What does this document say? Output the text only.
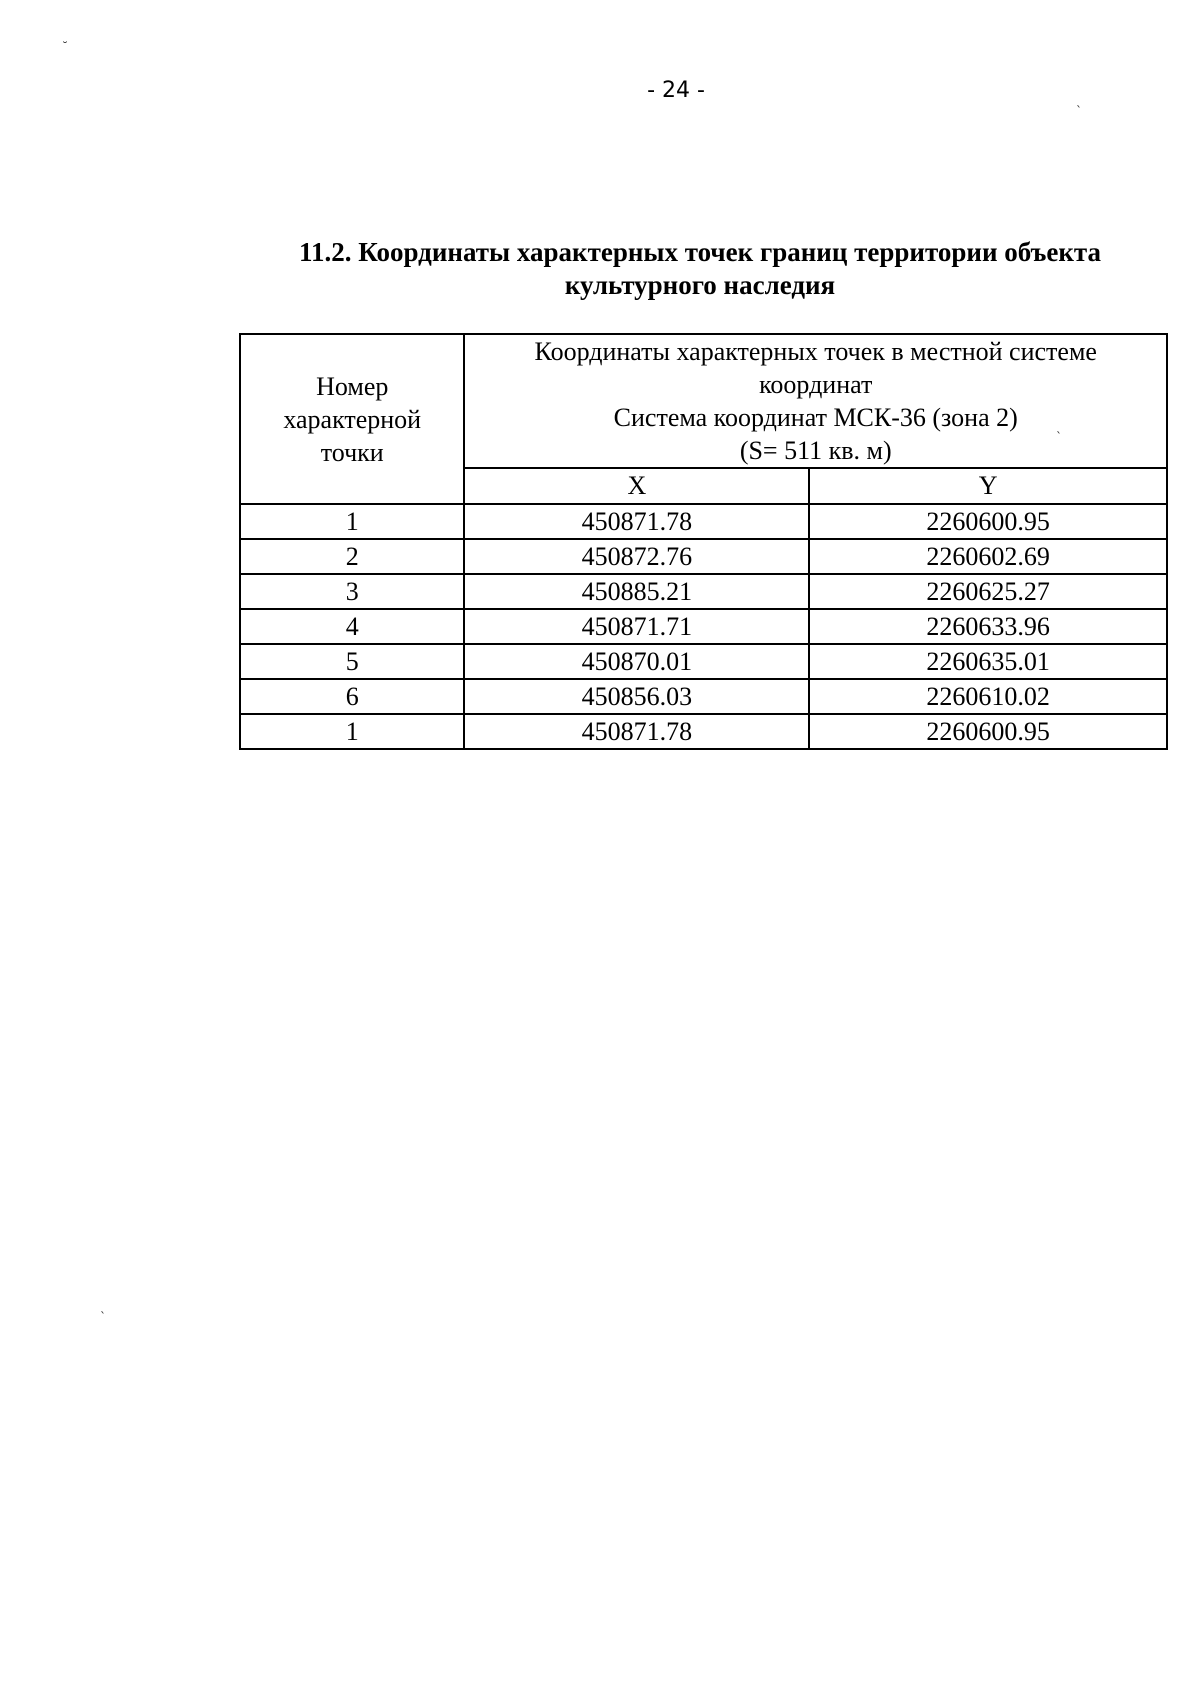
- 24 -
11.2. Координаты характерных точек границ территории объекта
культурного наследия
Номер
характерной
точки	Координаты характерных точек в местной системе
координат
Система координат МСК-36 (зона 2)
(S= 511 кв. м)	

	X	Y
1	450871.78	2260600.95
2	450872.76	2260602.69
3	450885.21	2260625.27
4	450871.71	2260633.96
5	450870.01	2260635.01
6	450856.03	2260610.02
1	450871.78	2260600.95
˘
`
`
`
